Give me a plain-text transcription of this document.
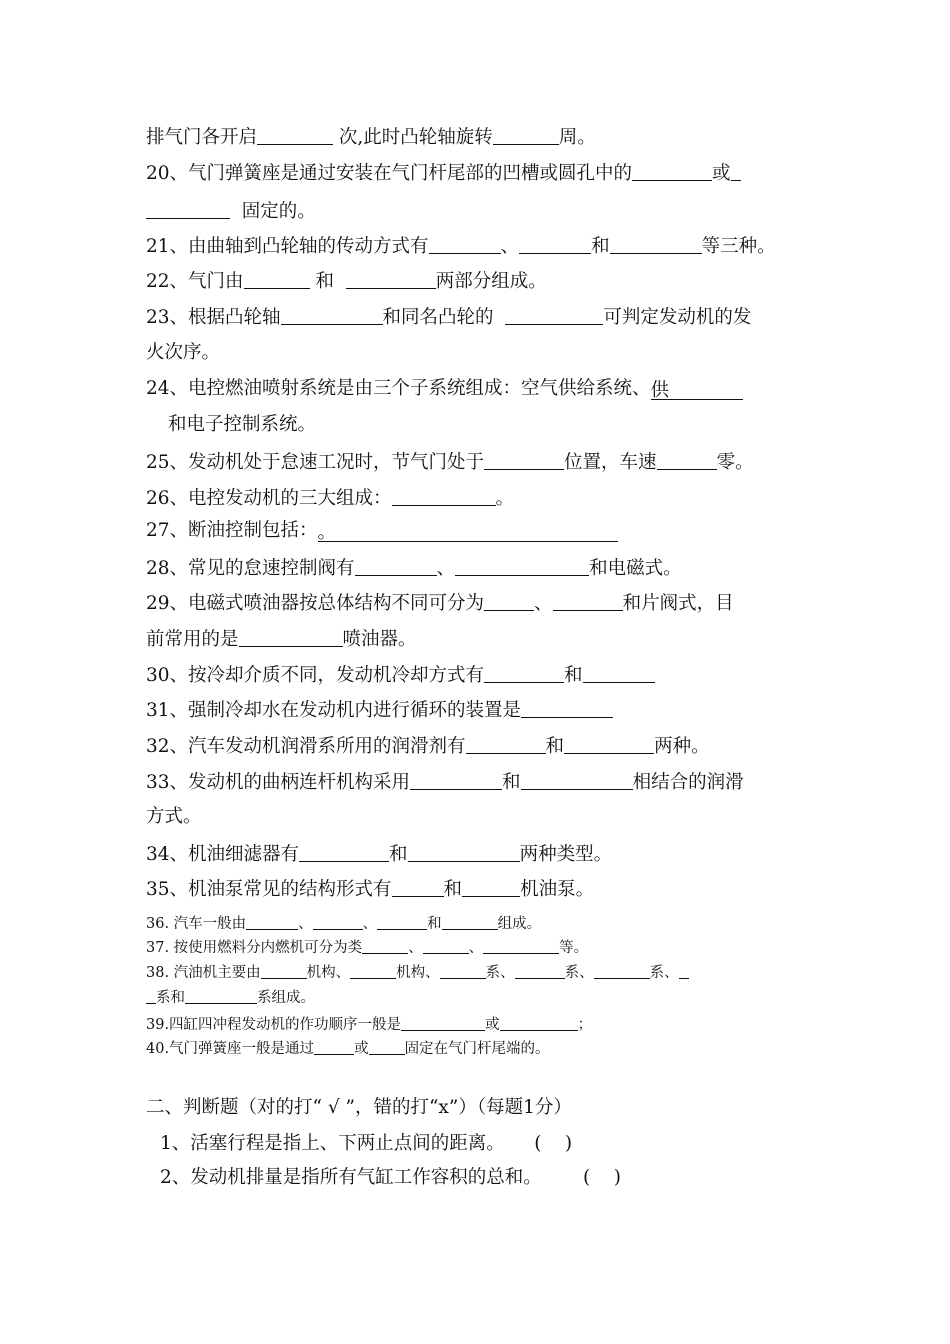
排气门各开启	次,此时凸轮轴旋转	周。
20、气门弹簧座是通过安装在气门杆尾部的凹槽或圆孔中的	或
固定的。
21、由曲轴到凸轮轴的传动方式有	、	和	等三种。
22、气门由	和	两部分组成。
23、根据凸轮轴	和同名凸轮的	可判定发动机的发
火次序。
24、电控燃油喷射系统是由三个子系统组成：空气供给系统、供
和电子控制系统。
25、发动机处于怠速工况时，节气门处于	位置，车速	零。
26、电控发动机的三大组成：	。
27、断油控制包括：。
28、常见的怠速控制阀有	、	和电磁式。
29、电磁式喷油器按总体结构不同可分为	、	和片阀式，目
前常用的是	喷油器。
30、按冷却介质不同，发动机冷却方式有	和
31、强制冷却水在发动机内进行循环的装置是
32、汽车发动机润滑系所用的润滑剂有	和	两种。
33、发动机的曲柄连杆机构采用	和	相结合的润滑
方式。
34、机油细滤器有	和	两种类型。
35、机油泵常见的结构形式有	和	机油泵。
36. 汽车一般由	、	、	和	组成。
37. 按使用燃料分内燃机可分为类	、	、	等。
38. 汽油机主要由	机构、	机构、	系、	系、	系、
系和	系组成。
39.四缸四冲程发动机的作功顺序一般是	或	；
40.气门弹簧座一般是通过	或 固定在气门杆尾端的。
二、判断题（对的打“ √ ”，错的打“x”）（每题1分）
1、活塞行程是指上、下两止点间的距离。 (    )
2、发动机排量是指所有气缸工作容积的总和。 (    )
